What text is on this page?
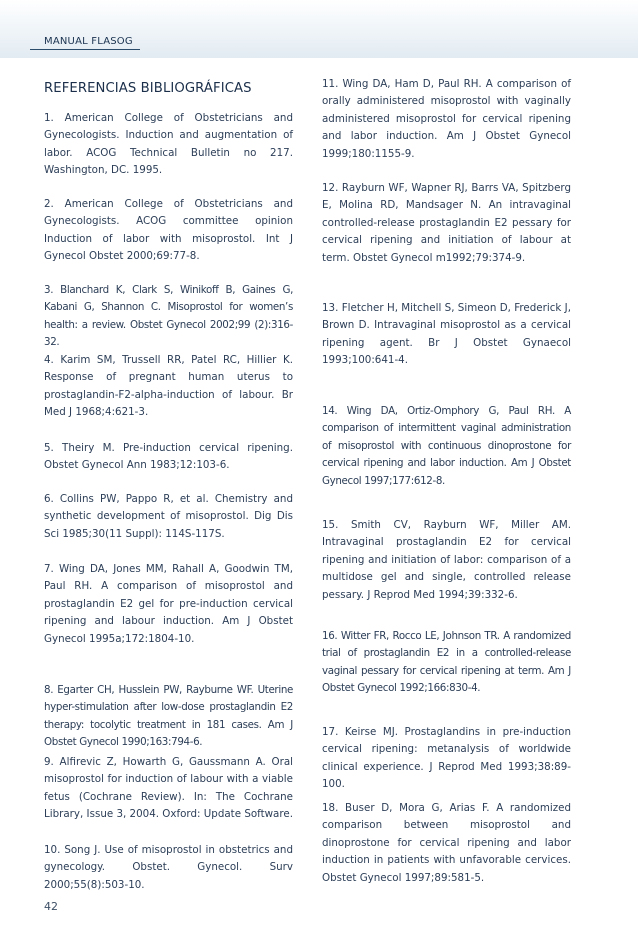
MANUAL FLASOG
REFERENCIAS BIBLIOGRÁFICAS

1. American College of Obstetricians and Gynecologists. Induction and augmentation of labor. ACOG Technical Bulletin no 217. Washington, DC. 1995.

2. American College of Obstetricians and Gynecologists. ACOG committee opinion Induction of labor with misoprostol. Int J Gynecol Obstet 2000;69:77-8.

3. Blanchard K, Clark S, Winikoff B, Gaines G, Kabani G, Shannon C. Misoprostol for women’s health: a review. Obstet Gynecol 2002;99 (2):316-32.

4. Karim SM, Trussell RR, Patel RC, Hillier K. Response of pregnant human uterus to prostaglandin-F2-alpha-induction of labour. Br Med J 1968;4:621-3.

5. Theiry M. Pre-induction cervical ripening. Obstet Gynecol Ann 1983;12:103-6.

6. Collins PW, Pappo R, et al. Chemistry and synthetic development of misoprostol. Dig Dis Sci 1985;30(11 Suppl): 114S-117S.

7. Wing DA, Jones MM, Rahall A, Goodwin TM, Paul RH. A comparison of misoprostol and prostaglandin E2 gel for pre-induction cervical ripening and labour induction. Am J Obstet Gynecol 1995a;172:1804-10.

8. Egarter CH, Husslein PW, Rayburne WF. Uterine hyper-stimulation after low-dose prostaglandin E2 therapy: tocolytic treatment in 181 cases. Am J Obstet Gynecol 1990;163:794-6.

9. Alfirevic Z, Howarth G, Gaussmann A. Oral misoprostol for induction of labour with a viable fetus (Cochrane Review). In: The Cochrane Library, Issue 3, 2004. Oxford: Update Software.

10. Song J. Use of misoprostol in obstetrics and gynecology. Obstet. Gynecol. Surv 2000;55(8):503-10.

11. Wing DA, Ham D, Paul RH. A comparison of orally administered misoprostol with vaginally administered misoprostol for cervical ripening and labor induction. Am J Obstet Gynecol 1999;180:1155-9.

12. Rayburn WF, Wapner RJ, Barrs VA, Spitzberg E, Molina RD, Mandsager N. An intravaginal controlled-release prostaglandin E2 pessary for cervical ripening and initiation of labour at term. Obstet Gynecol m1992;79:374-9.

13. Fletcher H, Mitchell S, Simeon D, Frederick J, Brown D. Intravaginal misoprostol as a cervical ripening agent. Br J Obstet Gynaecol 1993;100:641-4.

14. Wing DA, Ortiz-Omphory G, Paul RH. A comparison of intermittent vaginal administration of misoprostol with continuous dinoprostone for cervical ripening and labor induction. Am J Obstet Gynecol 1997;177:612-8.

15. Smith CV, Rayburn WF, Miller AM. Intravaginal prostaglandin E2 for cervical ripening and initiation of labor: comparison of a multidose gel and single, controlled release pessary. J Reprod Med 1994;39:332-6.

16. Witter FR, Rocco LE, Johnson TR. A randomized trial of prostaglandin E2 in a controlled-release vaginal pessary for cervical ripening at term. Am J Obstet Gynecol 1992;166:830-4.

17. Keirse MJ. Prostaglandins in pre-induction cervical ripening: metanalysis of worldwide clinical experience. J Reprod Med 1993;38:89-100.

18. Buser D, Mora G, Arias F. A randomized comparison between misoprostol and dinoprostone for cervical ripening and labor induction in patients with unfavorable cervices. Obstet Gynecol 1997;89:581-5.

42
